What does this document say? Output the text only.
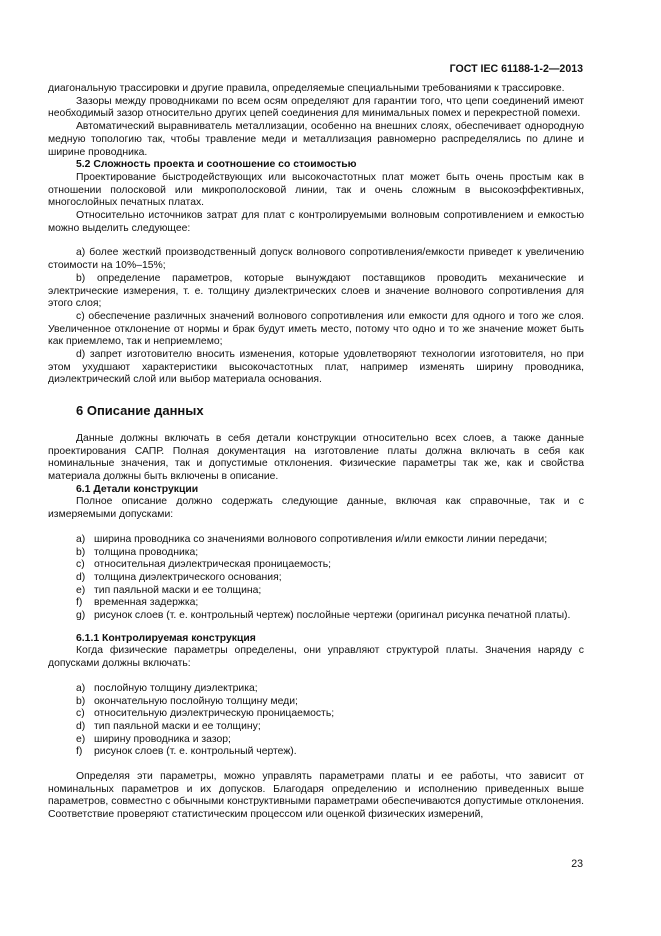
ГОСТ IEC 61188-1-2—2013

диагональную трассировки и другие правила, определяемые специальными требованиями к трассировке.

Зазоры между проводниками по всем осям определяют для гарантии того, что цепи соединений имеют необходимый зазор относительно других цепей соединения для минимальных помех и перекрестной помехи.

Автоматический выравниватель металлизации, особенно на внешних слоях, обеспечивает однородную медную топологию так, чтобы травление меди и металлизация равномерно распределялись по длине и ширине проводника.

5.2 Сложность проекта и соотношение со стоимостью

Проектирование быстродействующих или высокочастотных плат может быть очень простым как в отношении полосковой или микрополосковой линии, так и очень сложным в высокоэффективных, многослойных печатных платах.

Относительно источников затрат для плат с контролируемыми волновым сопротивлением и емкостью можно выделить следующее:

а) более жесткий производственный допуск волнового сопротивления/емкости приведет к увеличению стоимости на 10%–15%;

b) определение параметров, которые вынуждают поставщиков проводить механические и электрические измерения, т. е. толщину диэлектрических слоев и значение волнового сопротивления для этого слоя;

с) обеспечение различных значений волнового сопротивления или емкости для одного и того же слоя. Увеличенное отклонение от нормы и брак будут иметь место, потому что одно и то же значение может быть как приемлемо, так и неприемлемо;

d) запрет изготовителю вносить изменения, которые удовлетворяют технологии изготовителя, но при этом ухудшают характеристики высокочастотных плат, например изменять ширину проводника, диэлектрический слой или выбор материала основания.

6 Описание данных

Данные должны включать в себя детали конструкции относительно всех слоев, а также данные проектирования САПР. Полная документация на изготовление платы должна включать в себя как номинальные значения, так и допустимые отклонения. Физические параметры так же, как и свойства материала должны быть включены в описание.

6.1 Детали конструкции

Полное описание должно содержать следующие данные, включая как справочные, так и с измеряемыми допусками:

a) ширина проводника со значениями волнового сопротивления и/или емкости линии передачи;
b) толщина проводника;
c) относительная диэлектрическая проницаемость;
d) толщина диэлектрического основания;
e) тип паяльной маски и ее толщина;
f)	временная задержка;
g) рисунок слоев (т. е. контрольный чертеж) послойные чертежи (оригинал рисунка печатной платы).

6.1.1 Контролируемая конструкция

Когда физические параметры определены, они управляют структурой платы. Значения наряду с допусками должны включать:

a) послойную толщину диэлектрика;
b) окончательную послойную толщину меди;
c) относительную диэлектрическую проницаемость;
d) тип паяльной маски и ее толщину;
e) ширину проводника и зазор;
f)	рисунок слоев (т. е. контрольный чертеж).

Определяя эти параметры, можно управлять параметрами платы и ее работы, что зависит от номинальных параметров и их допусков. Благодаря определению и исполнению приведенных выше параметров, совместно с обычными конструктивными параметрами обеспечиваются допустимые отклонения. Соответствие проверяют статистическим процессом или оценкой физических измерений,

23
